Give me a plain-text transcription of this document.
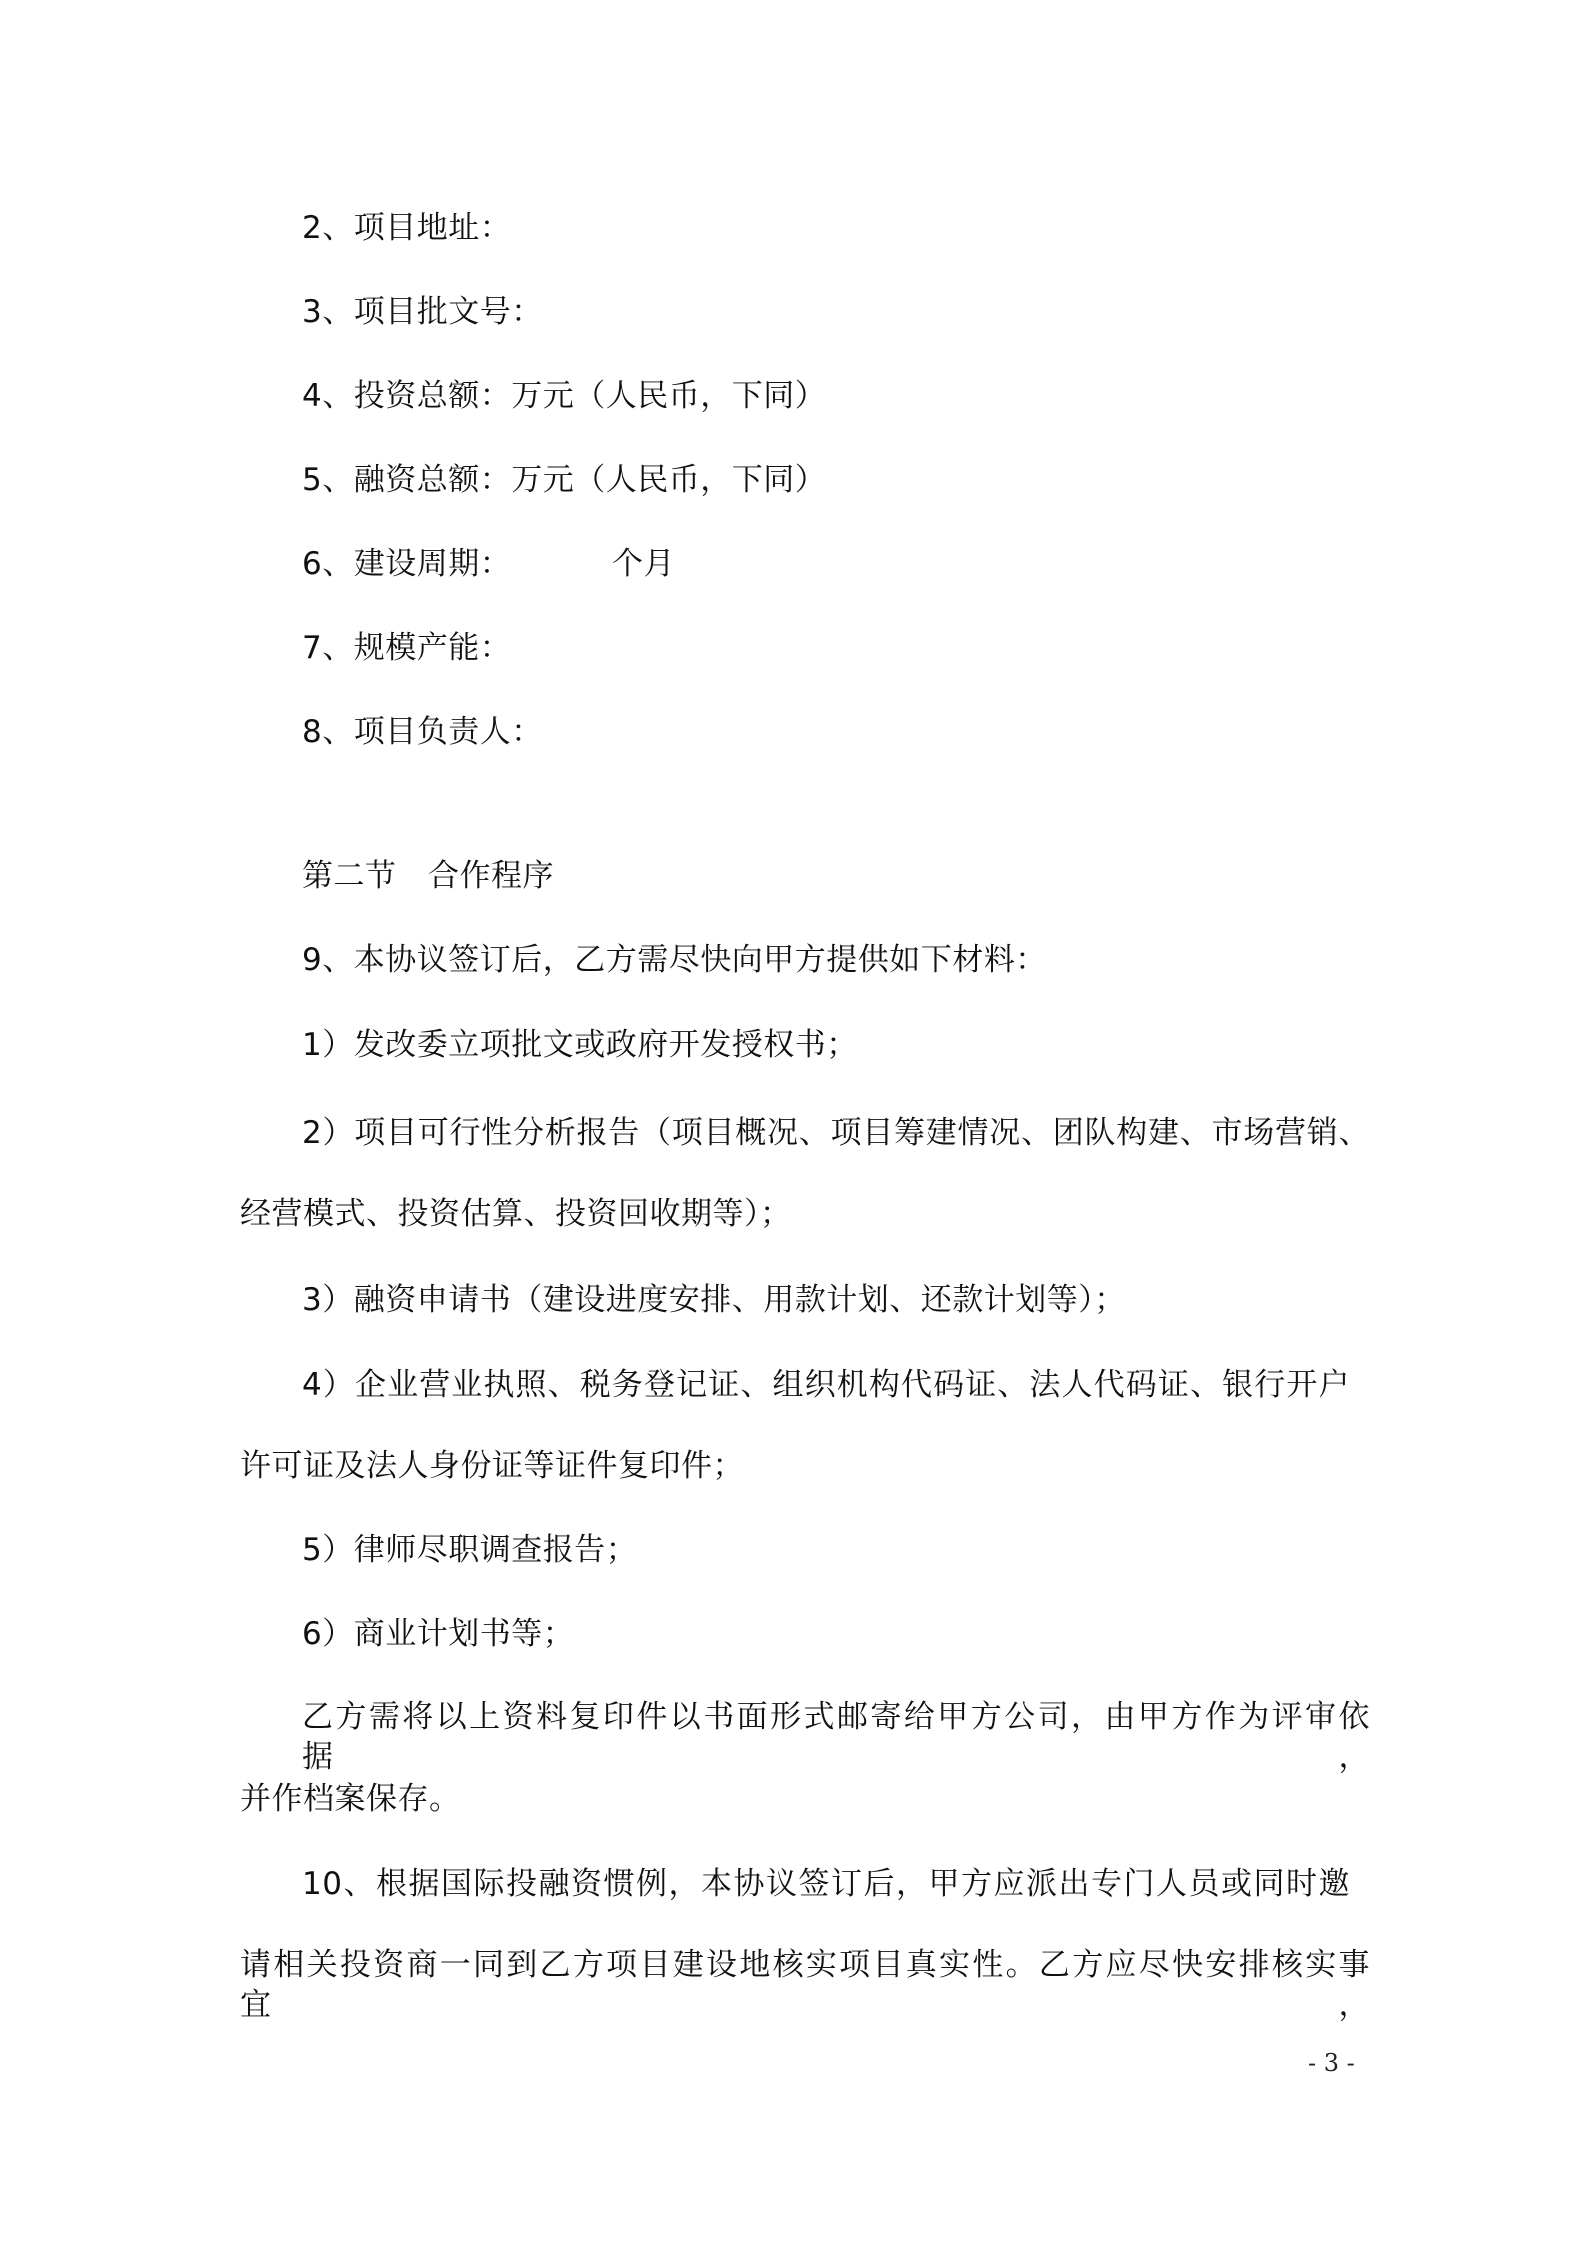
2、项目地址：
3、项目批文号：
4、投资总额：万元（人民币，下同）
5、融资总额：万元（人民币，下同）
6、建设周期：	个月
7、规模产能：
8、项目负责人：
第二节　合作程序
9、本协议签订后，乙方需尽快向甲方提供如下材料：
1）发改委立项批文或政府开发授权书；
2）项目可行性分析报告（项目概况、项目筹建情况、团队构建、市场营销、
经营模式、投资估算、投资回收期等）；
3）融资申请书（建设进度安排、用款计划、还款计划等）；
4）企业营业执照、税务登记证、组织机构代码证、法人代码证、银行开户
许可证及法人身份证等证件复印件；
5）律师尽职调查报告；
6）商业计划书等；
乙方需将以上资料复印件以书面形式邮寄给甲方公司，由甲方作为评审依据，
并作档案保存。
10、根据国际投融资惯例，本协议签订后，甲方应派出专门人员或同时邀
请相关投资商一同到乙方项目建设地核实项目真实性。乙方应尽快安排核实事宜，
- 3 -
